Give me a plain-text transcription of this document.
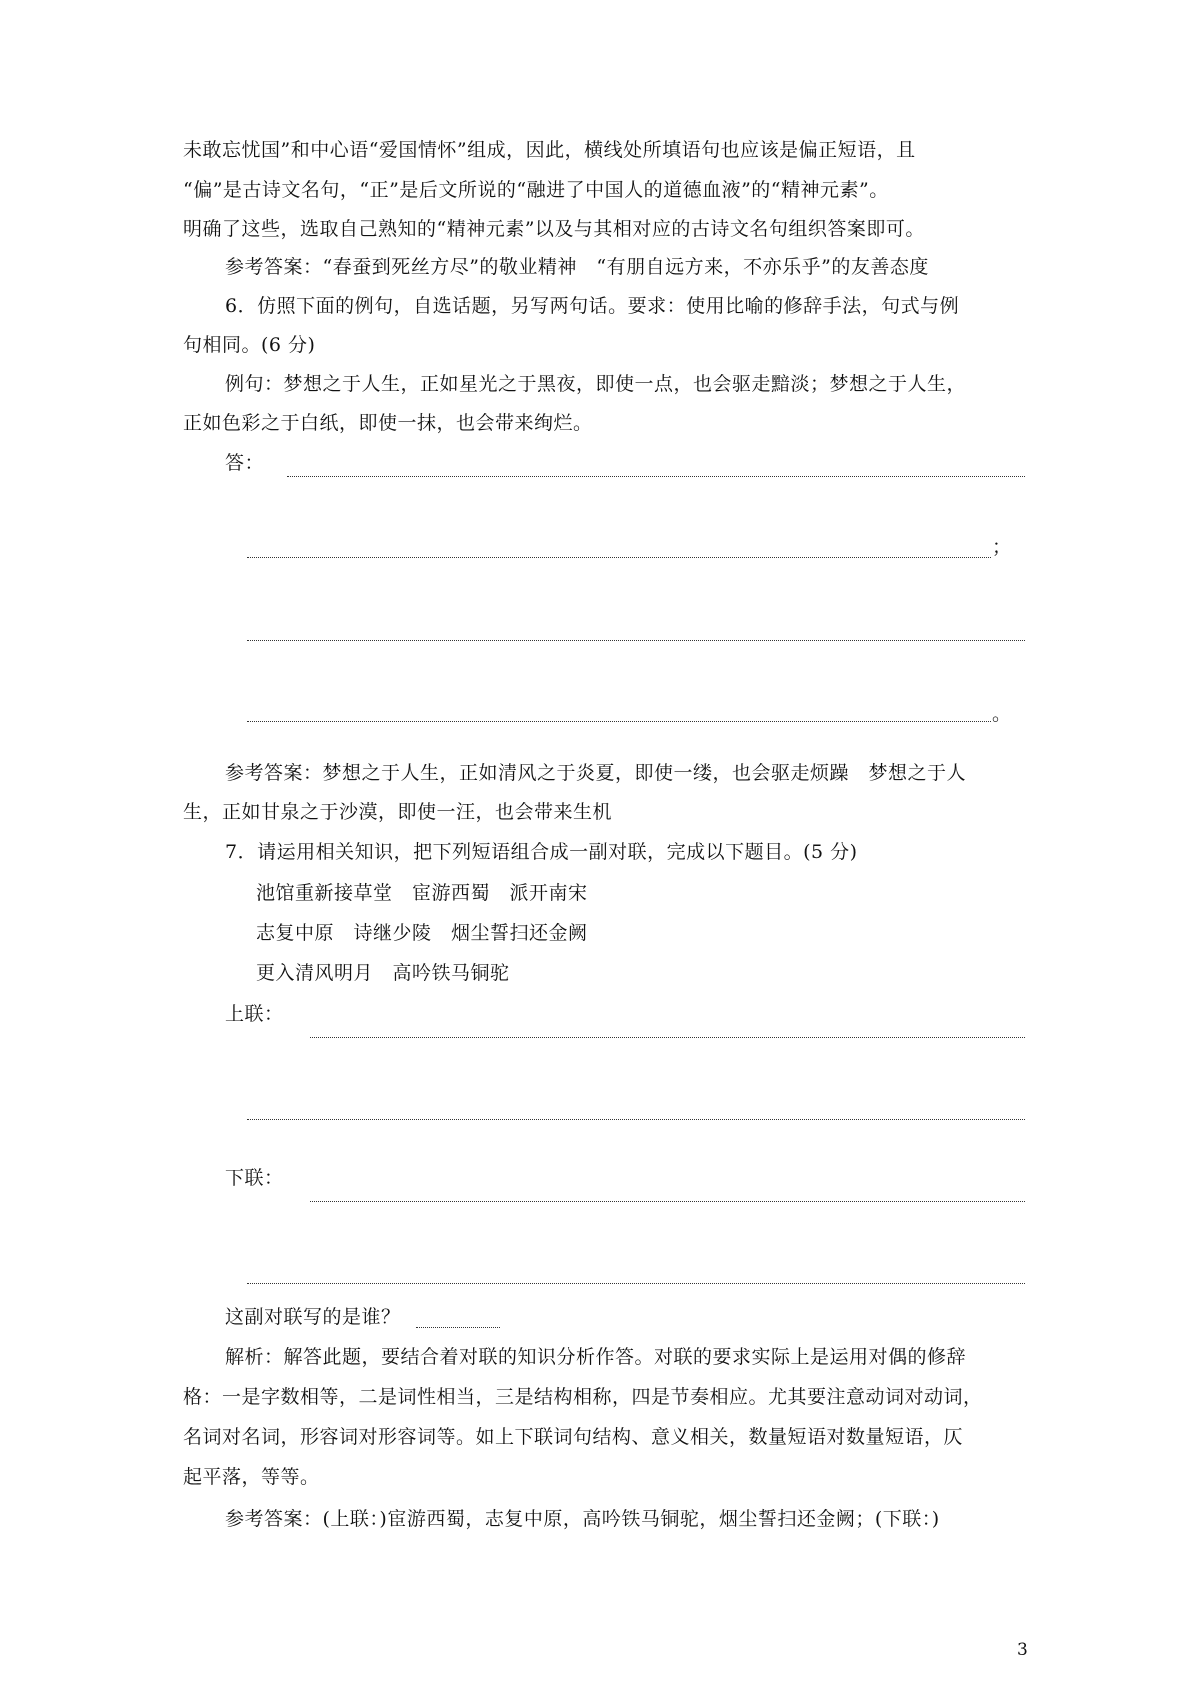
未敢忘忧国”和中心语“爱国情怀”组成，因此，横线处所填语句也应该是偏正短语，且
“偏”是古诗文名句，“正”是后文所说的“融进了中国人的道德血液”的“精神元素”。
明确了这些，选取自己熟知的“精神元素”以及与其相对应的古诗文名句组织答案即可。
参考答案：“春蚕到死丝方尽”的敬业精神　“有朋自远方来，不亦乐乎”的友善态度
6．仿照下面的例句，自选话题，另写两句话。要求：使用比喻的修辞手法，句式与例
句相同。(6 分)
例句：梦想之于人生，正如星光之于黑夜，即使一点，也会驱走黯淡；梦想之于人生，
正如色彩之于白纸，即使一抹，也会带来绚烂。
答：
；
。
参考答案：梦想之于人生，正如清风之于炎夏，即使一缕，也会驱走烦躁　梦想之于人
生，正如甘泉之于沙漠，即使一汪，也会带来生机
7．请运用相关知识，把下列短语组合成一副对联，完成以下题目。(5 分)
池馆重新接草堂　宦游西蜀　派开南宋
志复中原　诗继少陵　烟尘誓扫还金阙
更入清风明月　高吟铁马铜驼
上联：
下联：
这副对联写的是谁？
解析：解答此题，要结合着对联的知识分析作答。对联的要求实际上是运用对偶的修辞
格：一是字数相等，二是词性相当，三是结构相称，四是节奏相应。尤其要注意动词对动词，
名词对名词，形容词对形容词等。如上下联词句结构、意义相关，数量短语对数量短语，仄
起平落，等等。
参考答案：(上联：)宦游西蜀，志复中原，高吟铁马铜驼，烟尘誓扫还金阙；(下联：)
3
